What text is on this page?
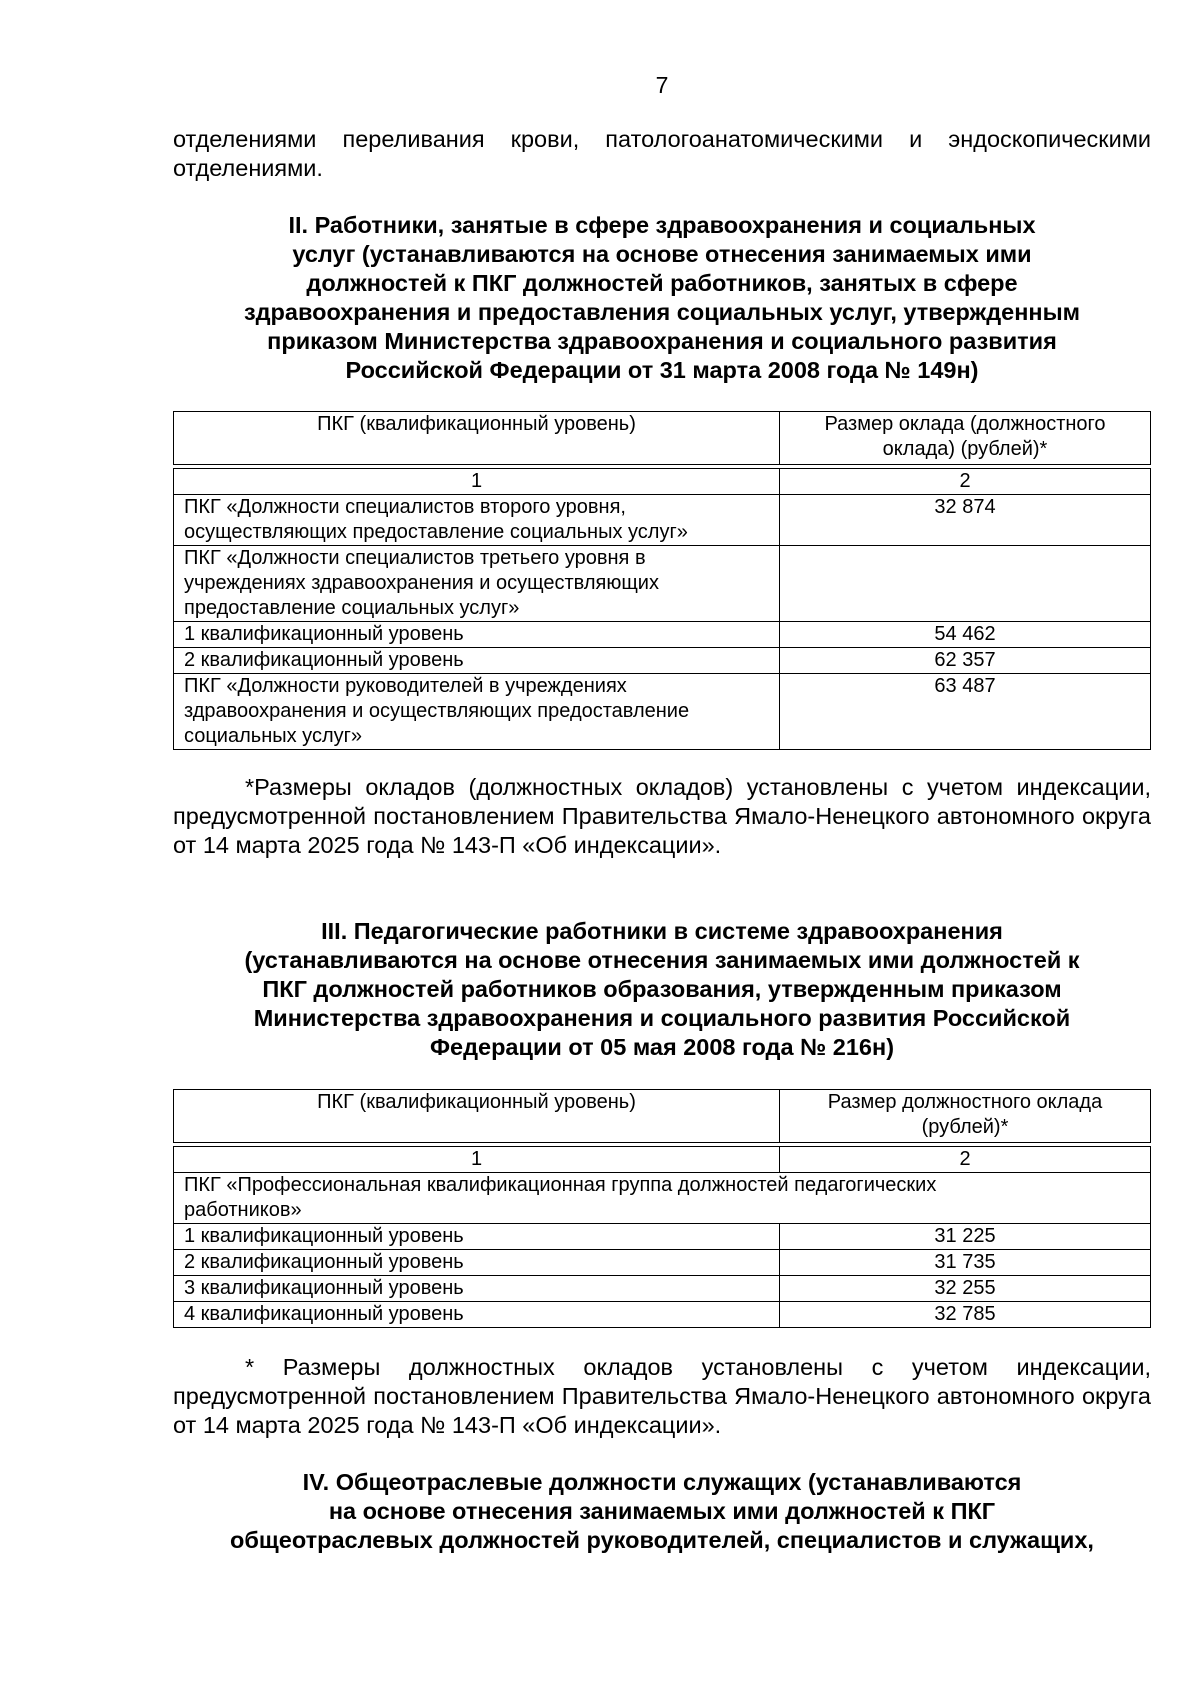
7

отделениями переливания крови, патологоанатомическими и эндоскопическими отделениями.

II. Работники, занятые в сфере здравоохранения и социальных
услуг (устанавливаются на основе отнесения занимаемых ими
должностей к ПКГ должностей работников, занятых в сфере
здравоохранения и предоставления социальных услуг, утвержденным
приказом Министерства здравоохранения и социального развития
Российской Федерации от 31 марта 2008 года № 149н)
ПКГ (квалификационный уровень)	Размер оклада (должностного оклада) (рублей)*

1	2
ПКГ «Должности специалистов второго уровня, осуществляющих предоставление социальных услуг»	32 874
ПКГ «Должности специалистов третьего уровня в учреждениях здравоохранения и осуществляющих предоставление социальных услуг»	
1 квалификационный уровень	54 462
2 квалификационный уровень	62 357
ПКГ «Должности руководителей в учреждениях здравоохранения и осуществляющих предоставление социальных услуг»	63 487

*Размеры окладов (должностных окладов) установлены с учетом индексации, предусмотренной постановлением Правительства Ямало-Ненецкого автономного округа от 14 марта 2025 года № 143-П «Об индексации».

III. Педагогические работники в системе здравоохранения
(устанавливаются на основе отнесения занимаемых ими должностей к
ПКГ должностей работников образования, утвержденным приказом
Министерства здравоохранения и социального развития Российской
Федерации от 05 мая 2008 года № 216н)
ПКГ (квалификационный уровень)	Размер должностного оклада (рублей)*

1	2
ПКГ «Профессиональная квалификационная группа должностей педагогических работников»	
1 квалификационный уровень	31 225
2 квалификационный уровень	31 735
3 квалификационный уровень	32 255
4 квалификационный уровень	32 785

* Размеры должностных окладов установлены с учетом индексации, предусмотренной постановлением Правительства Ямало-Ненецкого автономного округа от 14 марта 2025 года № 143-П «Об индексации».

IV. Общеотраслевые должности служащих (устанавливаются
на основе отнесения занимаемых ими должностей к ПКГ
общеотраслевых должностей руководителей, специалистов и служащих,
